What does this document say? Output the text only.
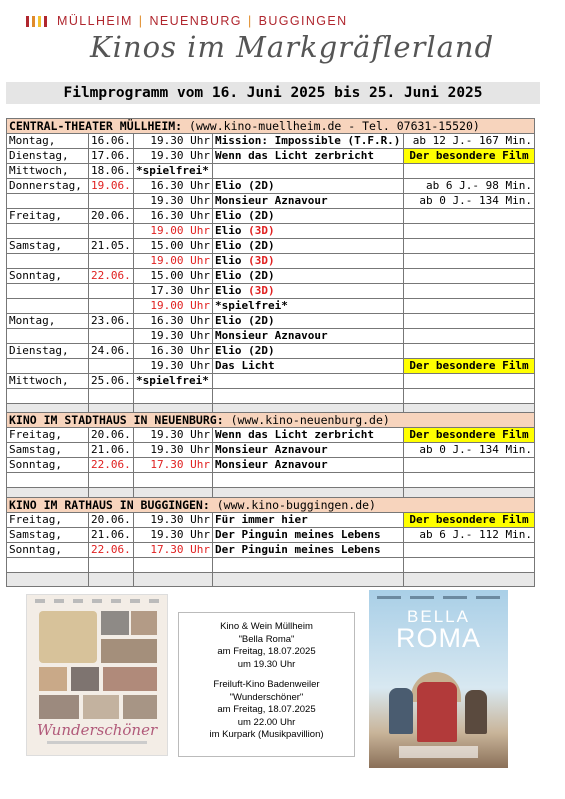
MÜLLHEIM | NEUENBURG | BUGGINGEN
Kinos im Markgräflerland
Filmprogramm vom 16. Juni 2025 bis 25. Juni 2025
CENTRAL-THEATER MÜLLHEIM: (www.kino-muellheim.de - Tel. 07631-15520)				
Montag,	16.06.	19.30 Uhr	Mission: Impossible (T.F.R.)	ab 12 J.- 167 Min.
Dienstag,	17.06.	19.30 Uhr	Wenn das Licht zerbricht	Der besondere Film
Mittwoch,	18.06.	*spielfrei*		
Donnerstag,	19.06.	16.30 Uhr	Elio (2D)	ab 6 J.- 98 Min.
		19.30 Uhr	Monsieur Aznavour	ab 0 J.- 134 Min.
Freitag,	20.06.	16.30 Uhr	Elio (2D)	
		19.00 Uhr	Elio (3D)	
Samstag,	21.05.	15.00 Uhr	Elio (2D)	
		19.00 Uhr	Elio (3D)	
Sonntag,	22.06.	15.00 Uhr	Elio (2D)	
		17.30 Uhr	Elio (3D)	
		19.00 Uhr	*spielfrei*	
Montag,	23.06.	16.30 Uhr	Elio (2D)	
		19.30 Uhr	Monsieur Aznavour	
Dienstag,	24.06.	16.30 Uhr	Elio (2D)	
		19.30 Uhr	Das Licht	Der besondere Film
Mittwoch,	25.06.	*spielfrei*		

KINO IM STADTHAUS IN NEUENBURG: (www.kino-neuenburg.de)				
Freitag,	20.06.	19.30 Uhr	Wenn das Licht zerbricht	Der besondere Film
Samstag,	21.06.	19.30 Uhr	Monsieur Aznavour	ab 0 J.- 134 Min.
Sonntag,	22.06.	17.30 Uhr	Monsieur Aznavour	

KINO IM RATHAUS IN BUGGINGEN: (www.kino-buggingen.de)				
Freitag,	20.06.	19.30 Uhr	Für immer hier	Der besondere Film
Samstag,	21.06.	19.30 Uhr	Der Pinguin meines Lebens	ab 6 J.- 112 Min.
Sonntag,	22.06.	17.30 Uhr	Der Pinguin meines Lebens	

Wunderschöner
Kino & Wein Müllheim
"Bella Roma"
am Freitag, 18.07.2025
um 19.30 Uhr
Freiluft-Kino Badenweiler
"Wunderschöner"
am Freitag, 18.07.2025
um 22.00 Uhr
im Kurpark (Musikpavillion)
BELLA
ROMA
